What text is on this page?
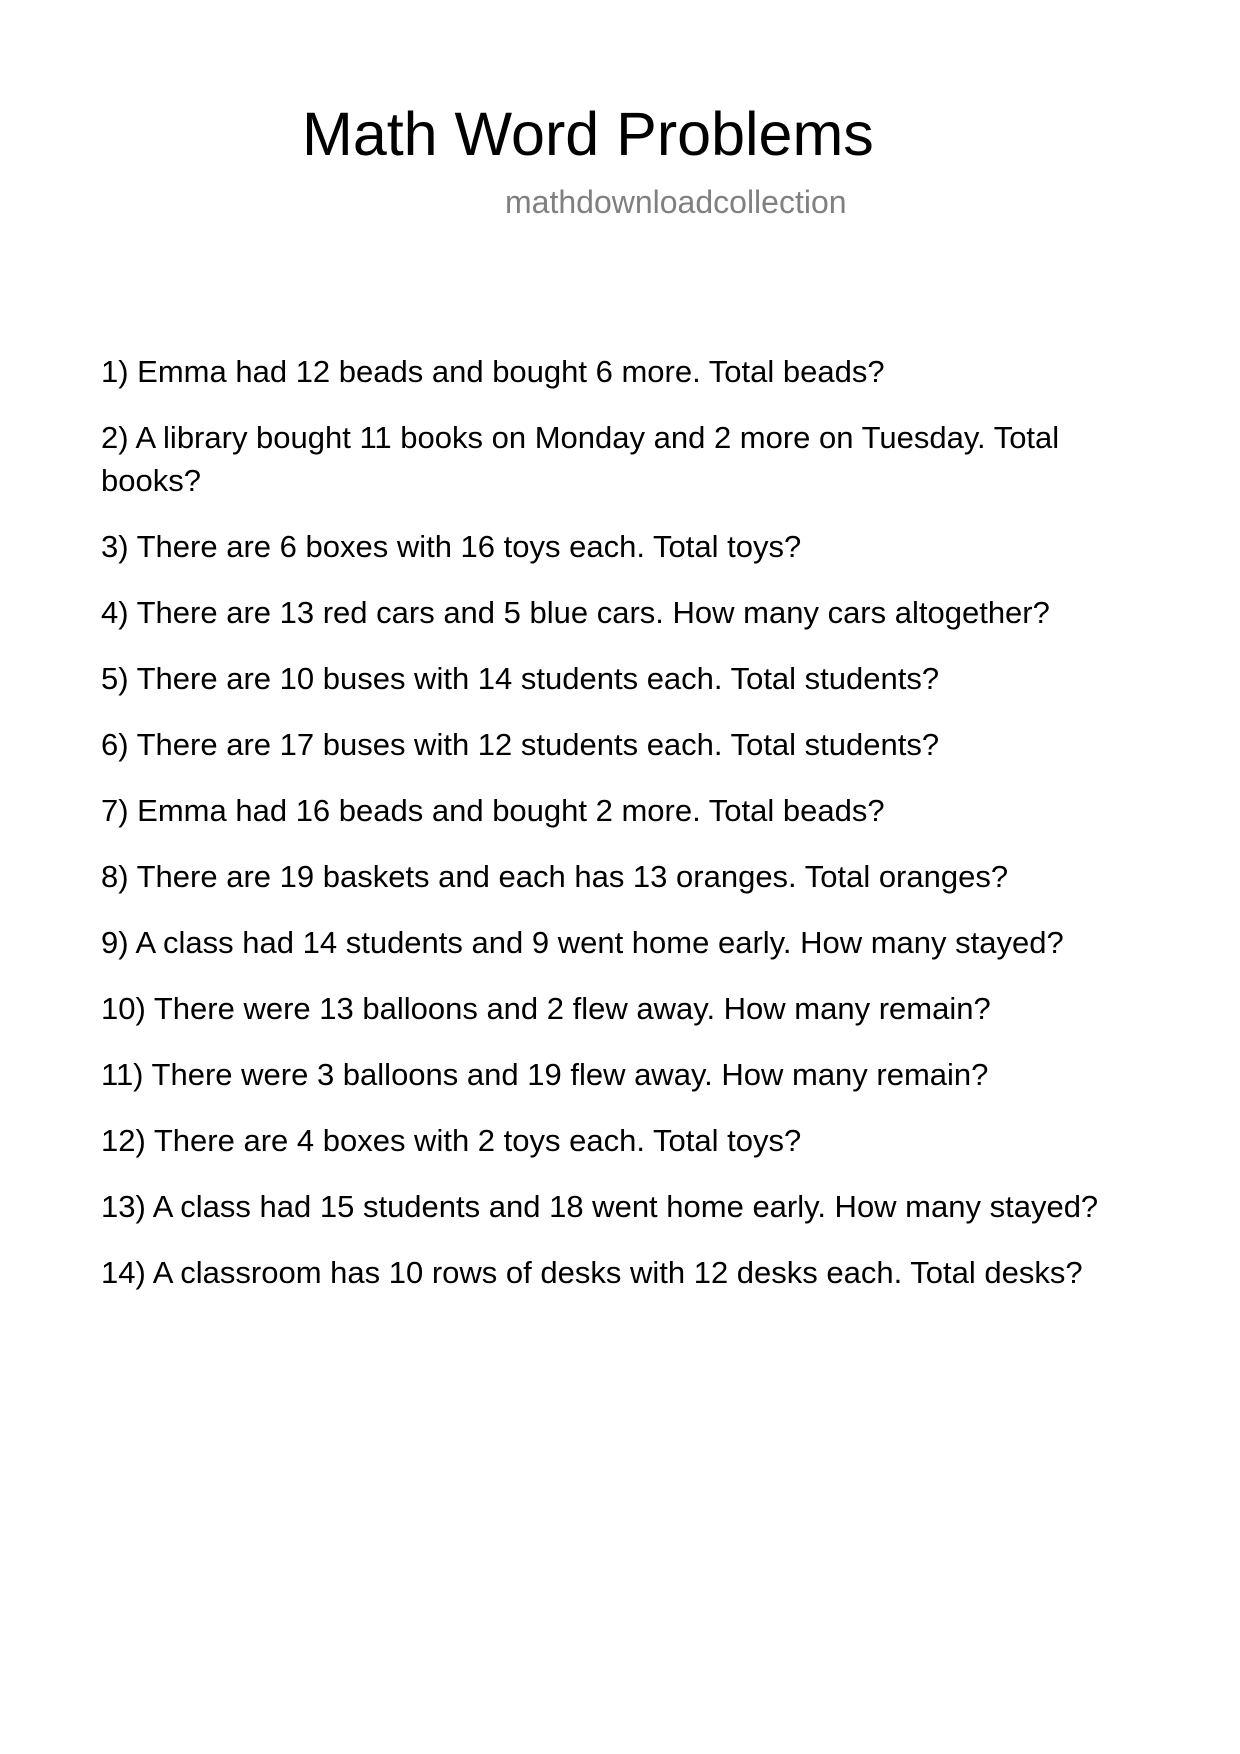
Math Word Problems
mathdownloadcollection
1) Emma had 12 beads and bought 6 more. Total beads?
2) A library bought 11 books on Monday and 2 more on Tuesday. Total books?
3) There are 6 boxes with 16 toys each. Total toys?
4) There are 13 red cars and 5 blue cars. How many cars altogether?
5) There are 10 buses with 14 students each. Total students?
6) There are 17 buses with 12 students each. Total students?
7) Emma had 16 beads and bought 2 more. Total beads?
8) There are 19 baskets and each has 13 oranges. Total oranges?
9) A class had 14 students and 9 went home early. How many stayed?
10) There were 13 balloons and 2 flew away. How many remain?
11) There were 3 balloons and 19 flew away. How many remain?
12) There are 4 boxes with 2 toys each. Total toys?
13) A class had 15 students and 18 went home early. How many stayed?
14) A classroom has 10 rows of desks with 12 desks each. Total desks?
